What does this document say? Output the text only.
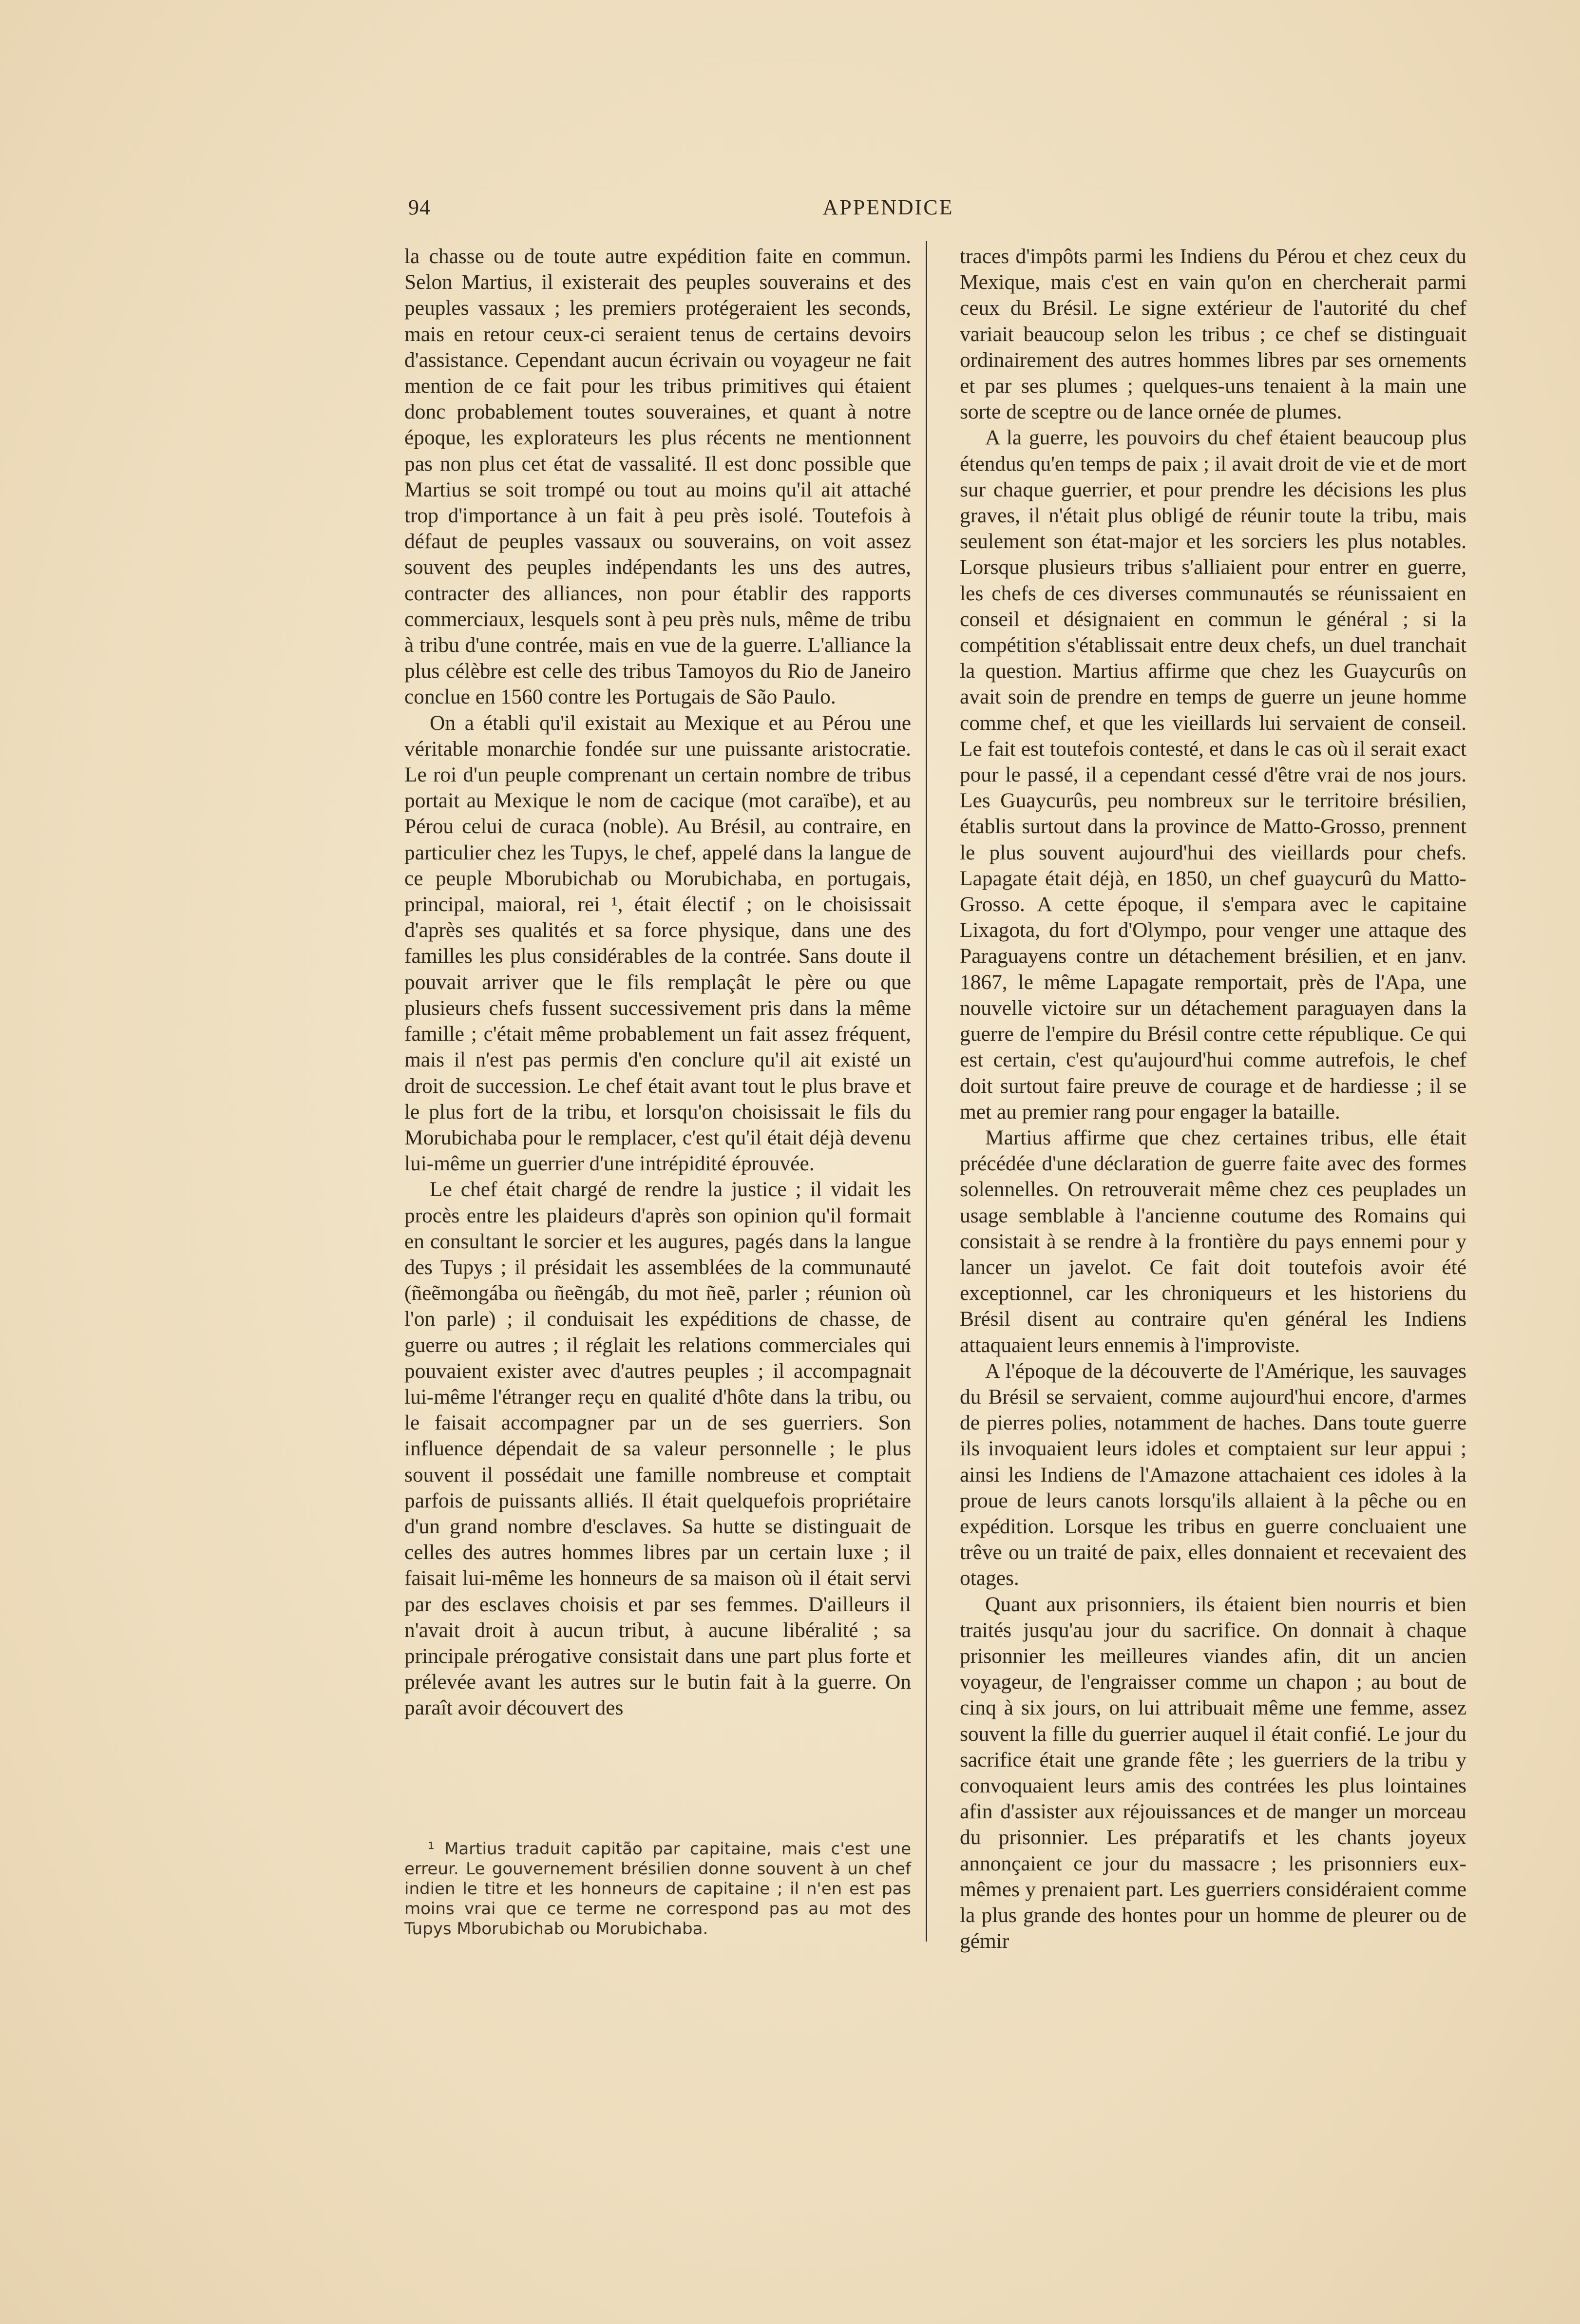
94	APPENDICE

la chasse ou de toute autre expédition faite en commun. Selon Martius, il existerait des peuples souverains et des peuples vassaux ; les premiers protégeraient les seconds, mais en retour ceux-ci seraient tenus de certains devoirs d'assistance. Cependant aucun écrivain ou voyageur ne fait mention de ce fait pour les tribus primitives qui étaient donc probablement toutes souveraines, et quant à notre époque, les explorateurs les plus récents ne mentionnent pas non plus cet état de vassalité. Il est donc possible que Martius se soit trompé ou tout au moins qu'il ait attaché trop d'importance à un fait à peu près isolé. Toutefois à défaut de peuples vassaux ou souverains, on voit assez souvent des peuples indépendants les uns des autres, contracter des alliances, non pour établir des rapports commerciaux, lesquels sont à peu près nuls, même de tribu à tribu d'une contrée, mais en vue de la guerre. L'alliance la plus célèbre est celle des tribus Tamoyos du Rio de Janeiro conclue en 1560 contre les Portugais de São Paulo.

On a établi qu'il existait au Mexique et au Pérou une véritable monarchie fondée sur une puissante aristocratie. Le roi d'un peuple comprenant un certain nombre de tribus portait au Mexique le nom de cacique (mot caraïbe), et au Pérou celui de curaca (noble). Au Brésil, au contraire, en particulier chez les Tupys, le chef, appelé dans la langue de ce peuple Mborubichab ou Morubichaba, en portugais, principal, maioral, rei ¹, était électif ; on le choisissait d'après ses qualités et sa force physique, dans une des familles les plus considérables de la contrée. Sans doute il pouvait arriver que le fils remplaçât le père ou que plusieurs chefs fussent successivement pris dans la même famille ; c'était même probablement un fait assez fréquent, mais il n'est pas permis d'en conclure qu'il ait existé un droit de succession. Le chef était avant tout le plus brave et le plus fort de la tribu, et lorsqu'on choisissait le fils du Morubichaba pour le remplacer, c'est qu'il était déjà devenu lui-même un guerrier d'une intrépidité éprouvée.

Le chef était chargé de rendre la justice ; il vidait les procès entre les plaideurs d'après son opinion qu'il formait en consultant le sorcier et les augures, pagés dans la langue des Tupys ; il présidait les assemblées de la communauté (ñeẽmongába ou ñeẽngáb, du mot ñeẽ, parler ; réunion où l'on parle) ; il conduisait les expéditions de chasse, de guerre ou autres ; il réglait les relations commerciales qui pouvaient exister avec d'autres peuples ; il accompagnait lui-même l'étranger reçu en qualité d'hôte dans la tribu, ou le faisait accompagner par un de ses guerriers. Son influence dépendait de sa valeur personnelle ; le plus souvent il possédait une famille nombreuse et comptait parfois de puissants alliés. Il était quelquefois propriétaire d'un grand nombre d'esclaves. Sa hutte se distinguait de celles des autres hommes libres par un certain luxe ; il faisait lui-même les honneurs de sa maison où il était servi par des esclaves choisis et par ses femmes. D'ailleurs il n'avait droit à aucun tribut, à aucune libéralité ; sa principale prérogative consistait dans une part plus forte et prélevée avant les autres sur le butin fait à la guerre. On paraît avoir découvert des

traces d'impôts parmi les Indiens du Pérou et chez ceux du Mexique, mais c'est en vain qu'on en chercherait parmi ceux du Brésil. Le signe extérieur de l'autorité du chef variait beaucoup selon les tribus ; ce chef se distinguait ordinairement des autres hommes libres par ses ornements et par ses plumes ; quelques-uns tenaient à la main une sorte de sceptre ou de lance ornée de plumes.

A la guerre, les pouvoirs du chef étaient beaucoup plus étendus qu'en temps de paix ; il avait droit de vie et de mort sur chaque guerrier, et pour prendre les décisions les plus graves, il n'était plus obligé de réunir toute la tribu, mais seulement son état-major et les sorciers les plus notables. Lorsque plusieurs tribus s'alliaient pour entrer en guerre, les chefs de ces diverses communautés se réunissaient en conseil et désignaient en commun le général ; si la compétition s'établissait entre deux chefs, un duel tranchait la question. Martius affirme que chez les Guaycurûs on avait soin de prendre en temps de guerre un jeune homme comme chef, et que les vieillards lui servaient de conseil. Le fait est toutefois contesté, et dans le cas où il serait exact pour le passé, il a cependant cessé d'être vrai de nos jours. Les Guaycurûs, peu nombreux sur le territoire brésilien, établis surtout dans la province de Matto-Grosso, prennent le plus souvent aujourd'hui des vieillards pour chefs. Lapagate était déjà, en 1850, un chef guaycurû du Matto-Grosso. A cette époque, il s'empara avec le capitaine Lixagota, du fort d'Olympo, pour venger une attaque des Paraguayens contre un détachement brésilien, et en janv. 1867, le même Lapagate remportait, près de l'Apa, une nouvelle victoire sur un détachement paraguayen dans la guerre de l'empire du Brésil contre cette république. Ce qui est certain, c'est qu'aujourd'hui comme autrefois, le chef doit surtout faire preuve de courage et de hardiesse ; il se met au premier rang pour engager la bataille.

Martius affirme que chez certaines tribus, elle était précédée d'une déclaration de guerre faite avec des formes solennelles. On retrouverait même chez ces peuplades un usage semblable à l'ancienne coutume des Romains qui consistait à se rendre à la frontière du pays ennemi pour y lancer un javelot. Ce fait doit toutefois avoir été exceptionnel, car les chroniqueurs et les historiens du Brésil disent au contraire qu'en général les Indiens attaquaient leurs ennemis à l'improviste.

A l'époque de la découverte de l'Amérique, les sauvages du Brésil se servaient, comme aujourd'hui encore, d'armes de pierres polies, notamment de haches. Dans toute guerre ils invoquaient leurs idoles et comptaient sur leur appui ; ainsi les Indiens de l'Amazone attachaient ces idoles à la proue de leurs canots lorsqu'ils allaient à la pêche ou en expédition. Lorsque les tribus en guerre concluaient une trêve ou un traité de paix, elles donnaient et recevaient des otages.

Quant aux prisonniers, ils étaient bien nourris et bien traités jusqu'au jour du sacrifice. On donnait à chaque prisonnier les meilleures viandes afin, dit un ancien voyageur, de l'engraisser comme un chapon ; au bout de cinq à six jours, on lui attribuait même une femme, assez souvent la fille du guerrier auquel il était confié. Le jour du sacrifice était une grande fête ; les guerriers de la tribu y convoquaient leurs amis des contrées les plus lointaines afin d'assister aux réjouissances et de manger un morceau du prisonnier. Les préparatifs et les chants joyeux annonçaient ce jour du massacre ; les prisonniers eux-mêmes y prenaient part. Les guerriers considéraient comme la plus grande des hontes pour un homme de pleurer ou de gémir

¹ Martius traduit capitão par capitaine, mais c'est une erreur. Le gouvernement brésilien donne souvent à un chef indien le titre et les honneurs de capitaine ; il n'en est pas moins vrai que ce terme ne correspond pas au mot des Tupys Mborubichab ou Morubichaba.
